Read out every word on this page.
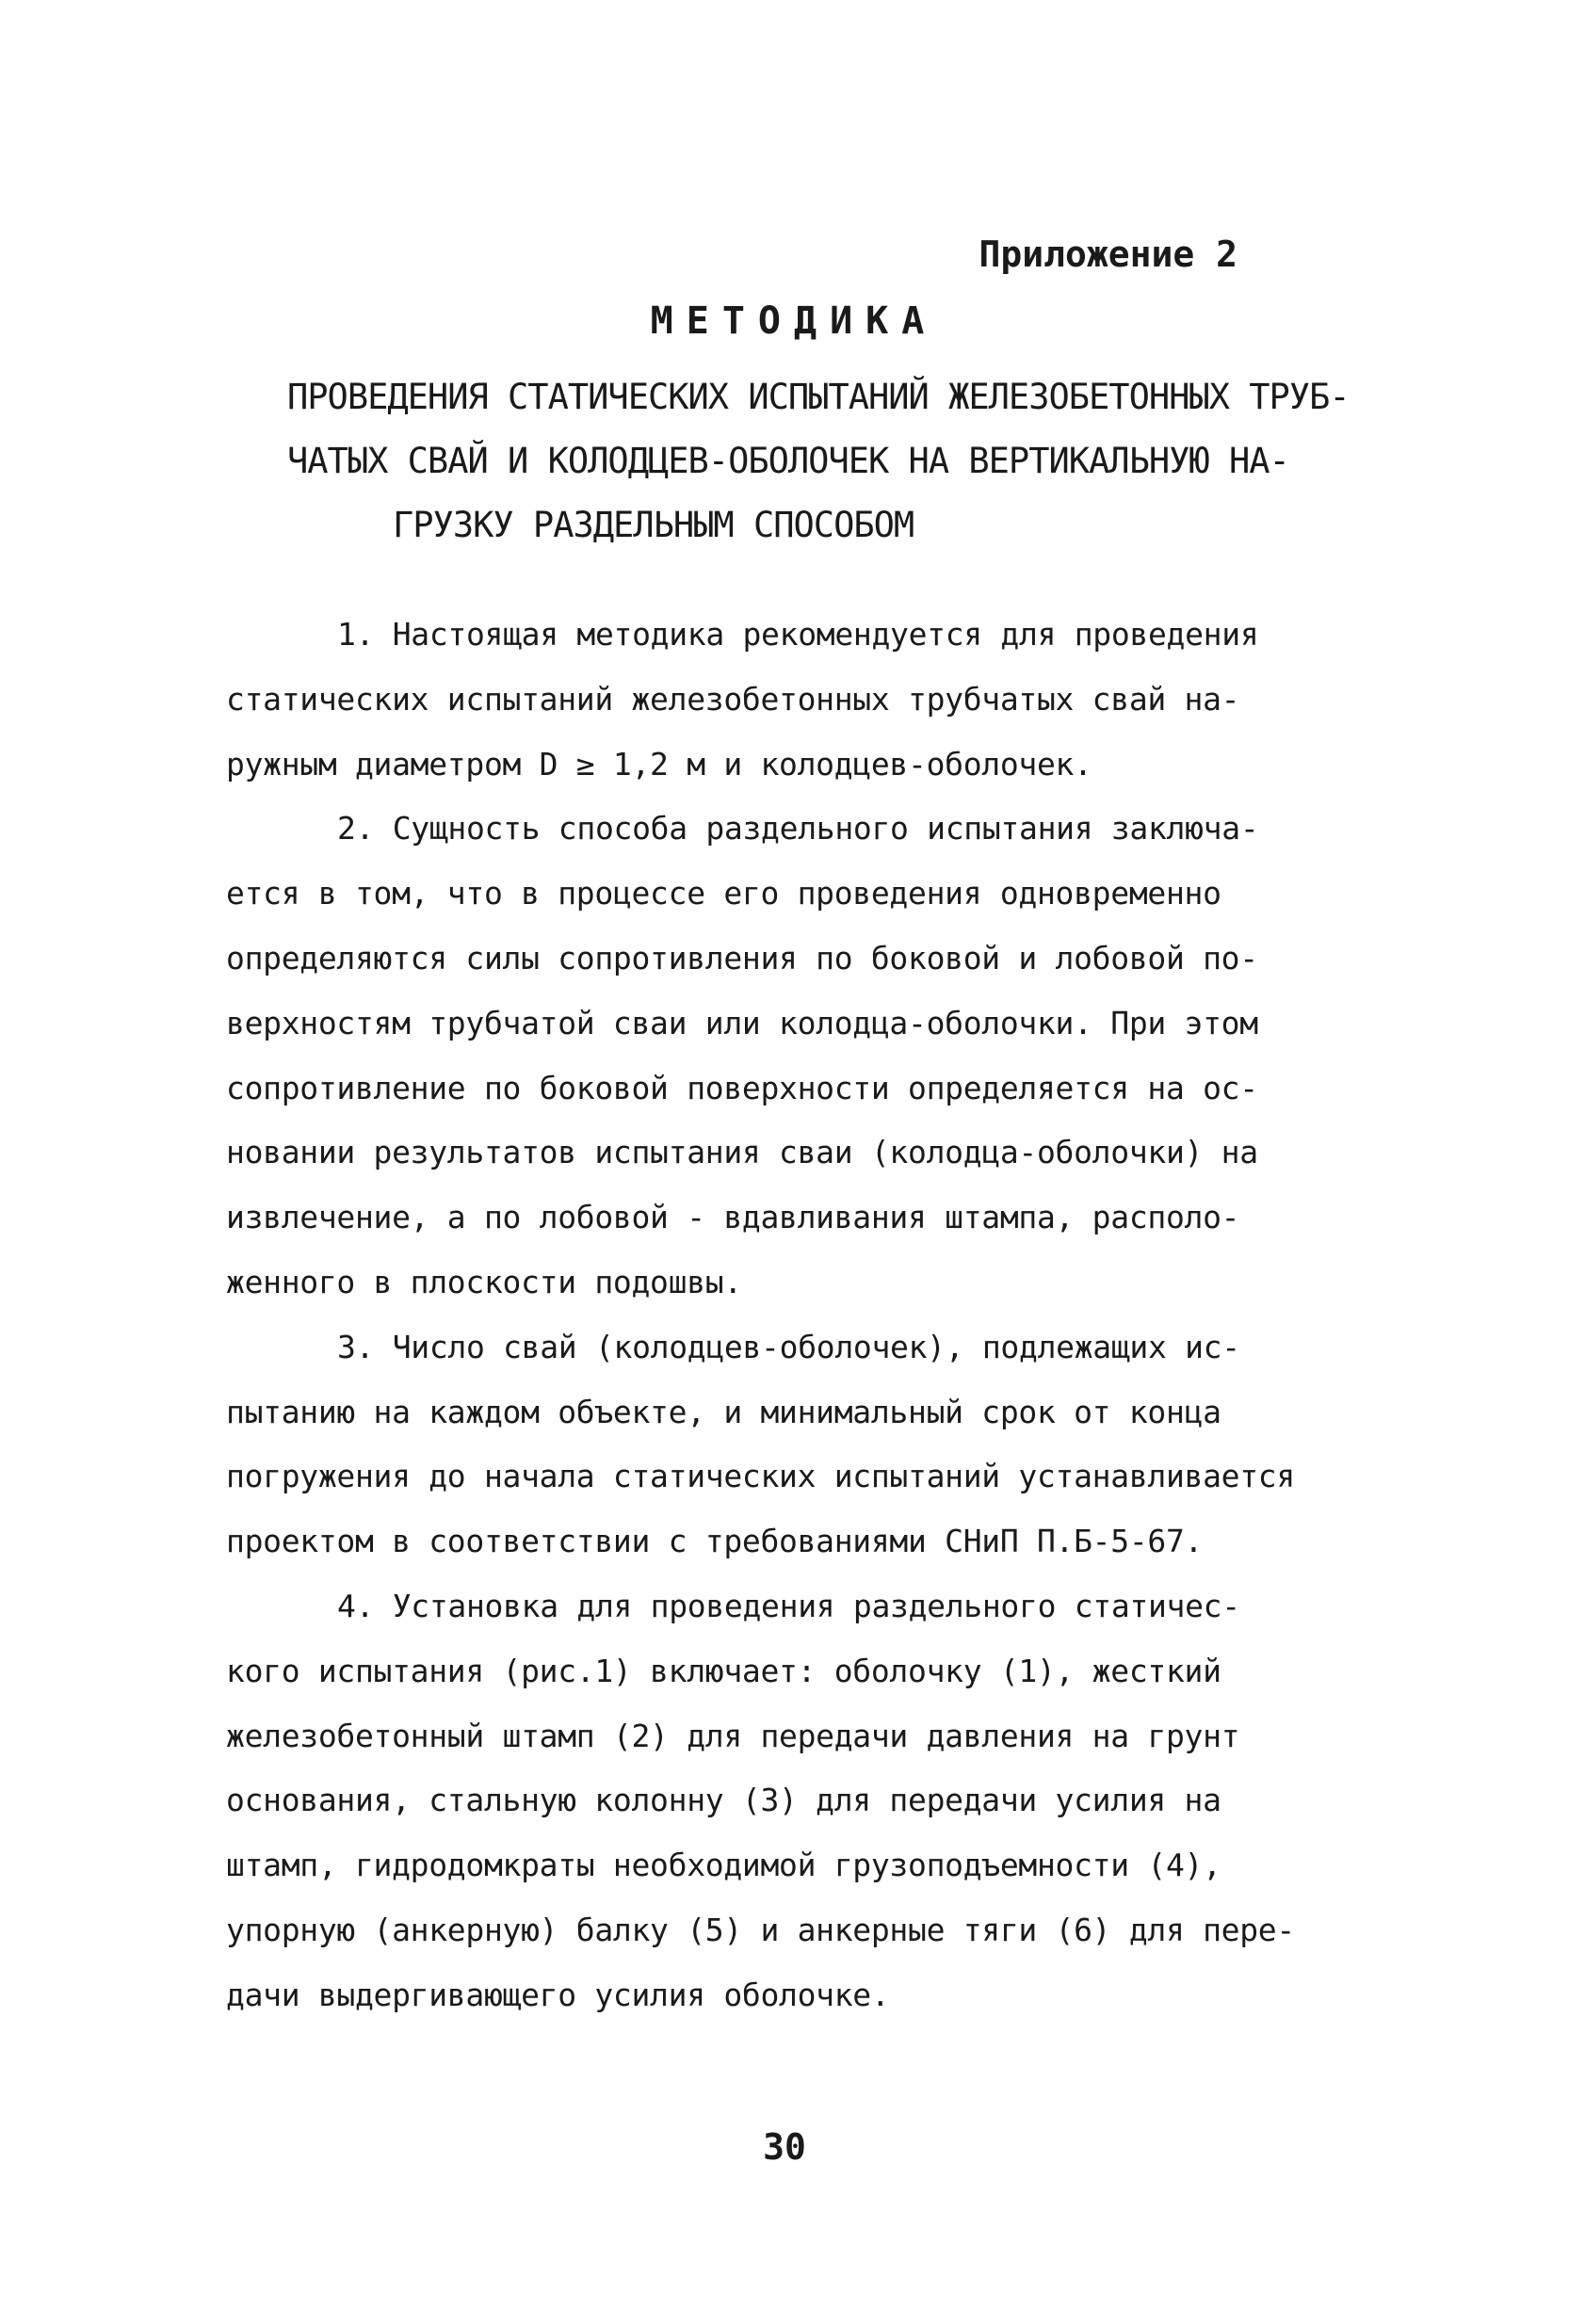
Приложение 2
МЕТОДИКА
ПРОВЕДЕНИЯ СТАТИЧЕСКИХ ИСПЫТАНИЙ ЖЕЛЕЗОБЕТОННЫХ ТРУБ-
ЧАТЫХ СВАЙ И КОЛОДЦЕВ-ОБОЛОЧЕК НА ВЕРТИКАЛЬНУЮ НА-
ГРУЗКУ РАЗДЕЛЬНЫМ СПОСОБОМ
1. Настоящая методика рекомендуется для проведения
статических испытаний железобетонных трубчатых свай на-
ружным диаметром D ≥ 1,2 м и колодцев-оболочек.
2. Сущность способа раздельного испытания заключа-
ется в том, что в процессе его проведения одновременно
определяются силы сопротивления по боковой и лобовой по-
верхностям трубчатой сваи или колодца-оболочки. При этом
сопротивление по боковой поверхности определяется на ос-
новании результатов испытания сваи (колодца-оболочки) на
извлечение, а по лобовой - вдавливания штампа, располо-
женного в плоскости подошвы.
3. Число свай (колодцев-оболочек), подлежащих ис-
пытанию на каждом объекте, и минимальный срок от конца
погружения до начала статических испытаний устанавливается
проектом в соответствии с требованиями СНиП П.Б-5-67.
4. Установка для проведения раздельного статичес-
кого испытания (рис.1) включает: оболочку (1), жесткий
железобетонный штамп (2) для передачи давления на грунт
основания, стальную колонну (3) для передачи усилия на
штамп, гидродомкраты необходимой грузоподъемности (4),
упорную (анкерную) балку (5) и анкерные тяги (6) для пере-
дачи выдергивающего усилия оболочке.
30
